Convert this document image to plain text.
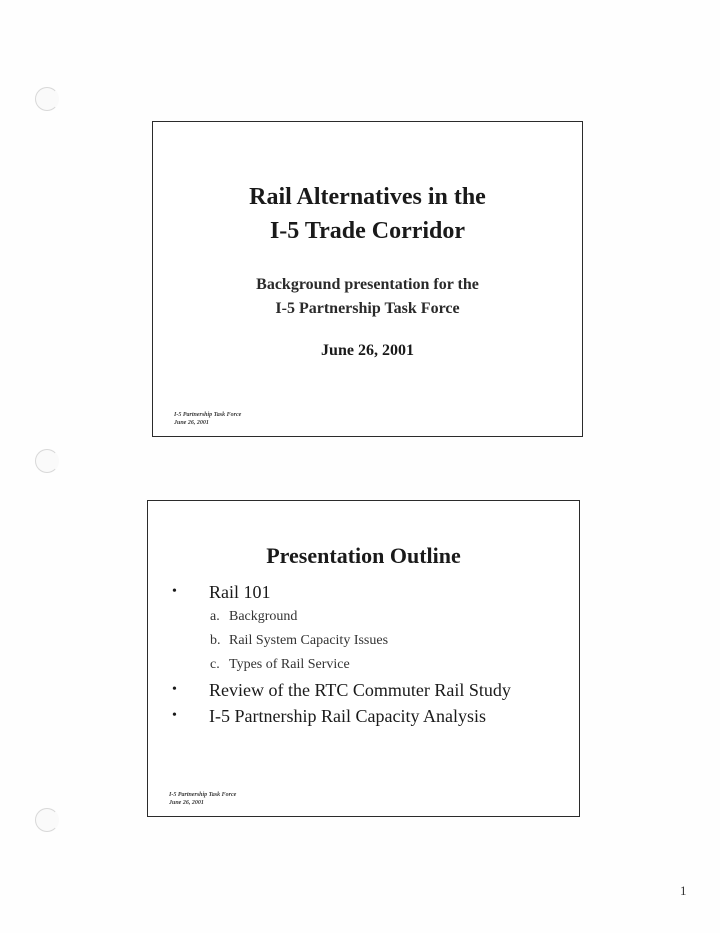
Rail Alternatives in the
I-5 Trade Corridor
Background presentation for the
I-5 Partnership Task Force
June 26, 2001
I-5 Partnership Task Force
June 26, 2001
Presentation Outline
• Rail 101
a. Background
b. Rail System Capacity Issues
c. Types of Rail Service
• Review of the RTC Commuter Rail Study
• I-5 Partnership Rail Capacity Analysis
I-5 Partnership Task Force
June 26, 2001
1
